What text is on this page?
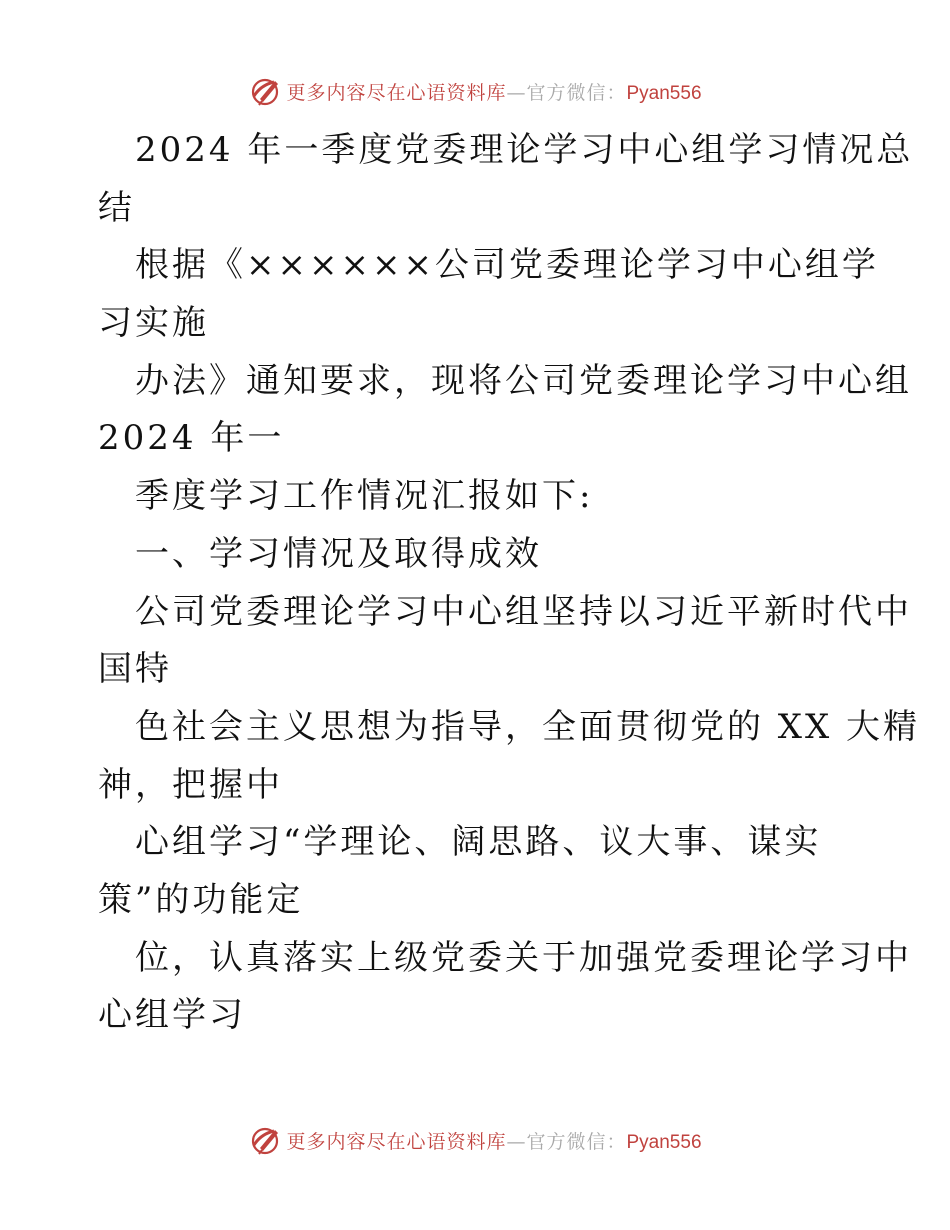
更多内容尽在心语资料库—官方微信：Pyan556
2024 年一季度党委理论学习中心组学习情况总
结
根据《××××××公司党委理论学习中心组学
习实施
办法》通知要求，现将公司党委理论学习中心组
2024 年一
季度学习工作情况汇报如下:
一、学习情况及取得成效
公司党委理论学习中心组坚持以习近平新时代中
国特
色社会主义思想为指导，全面贯彻党的 XX 大精
神，把握中
心组学习“学理论、阔思路、议大事、谋实
策”的功能定
位，认真落实上级党委关于加强党委理论学习中
心组学习
更多内容尽在心语资料库—官方微信：Pyan556
